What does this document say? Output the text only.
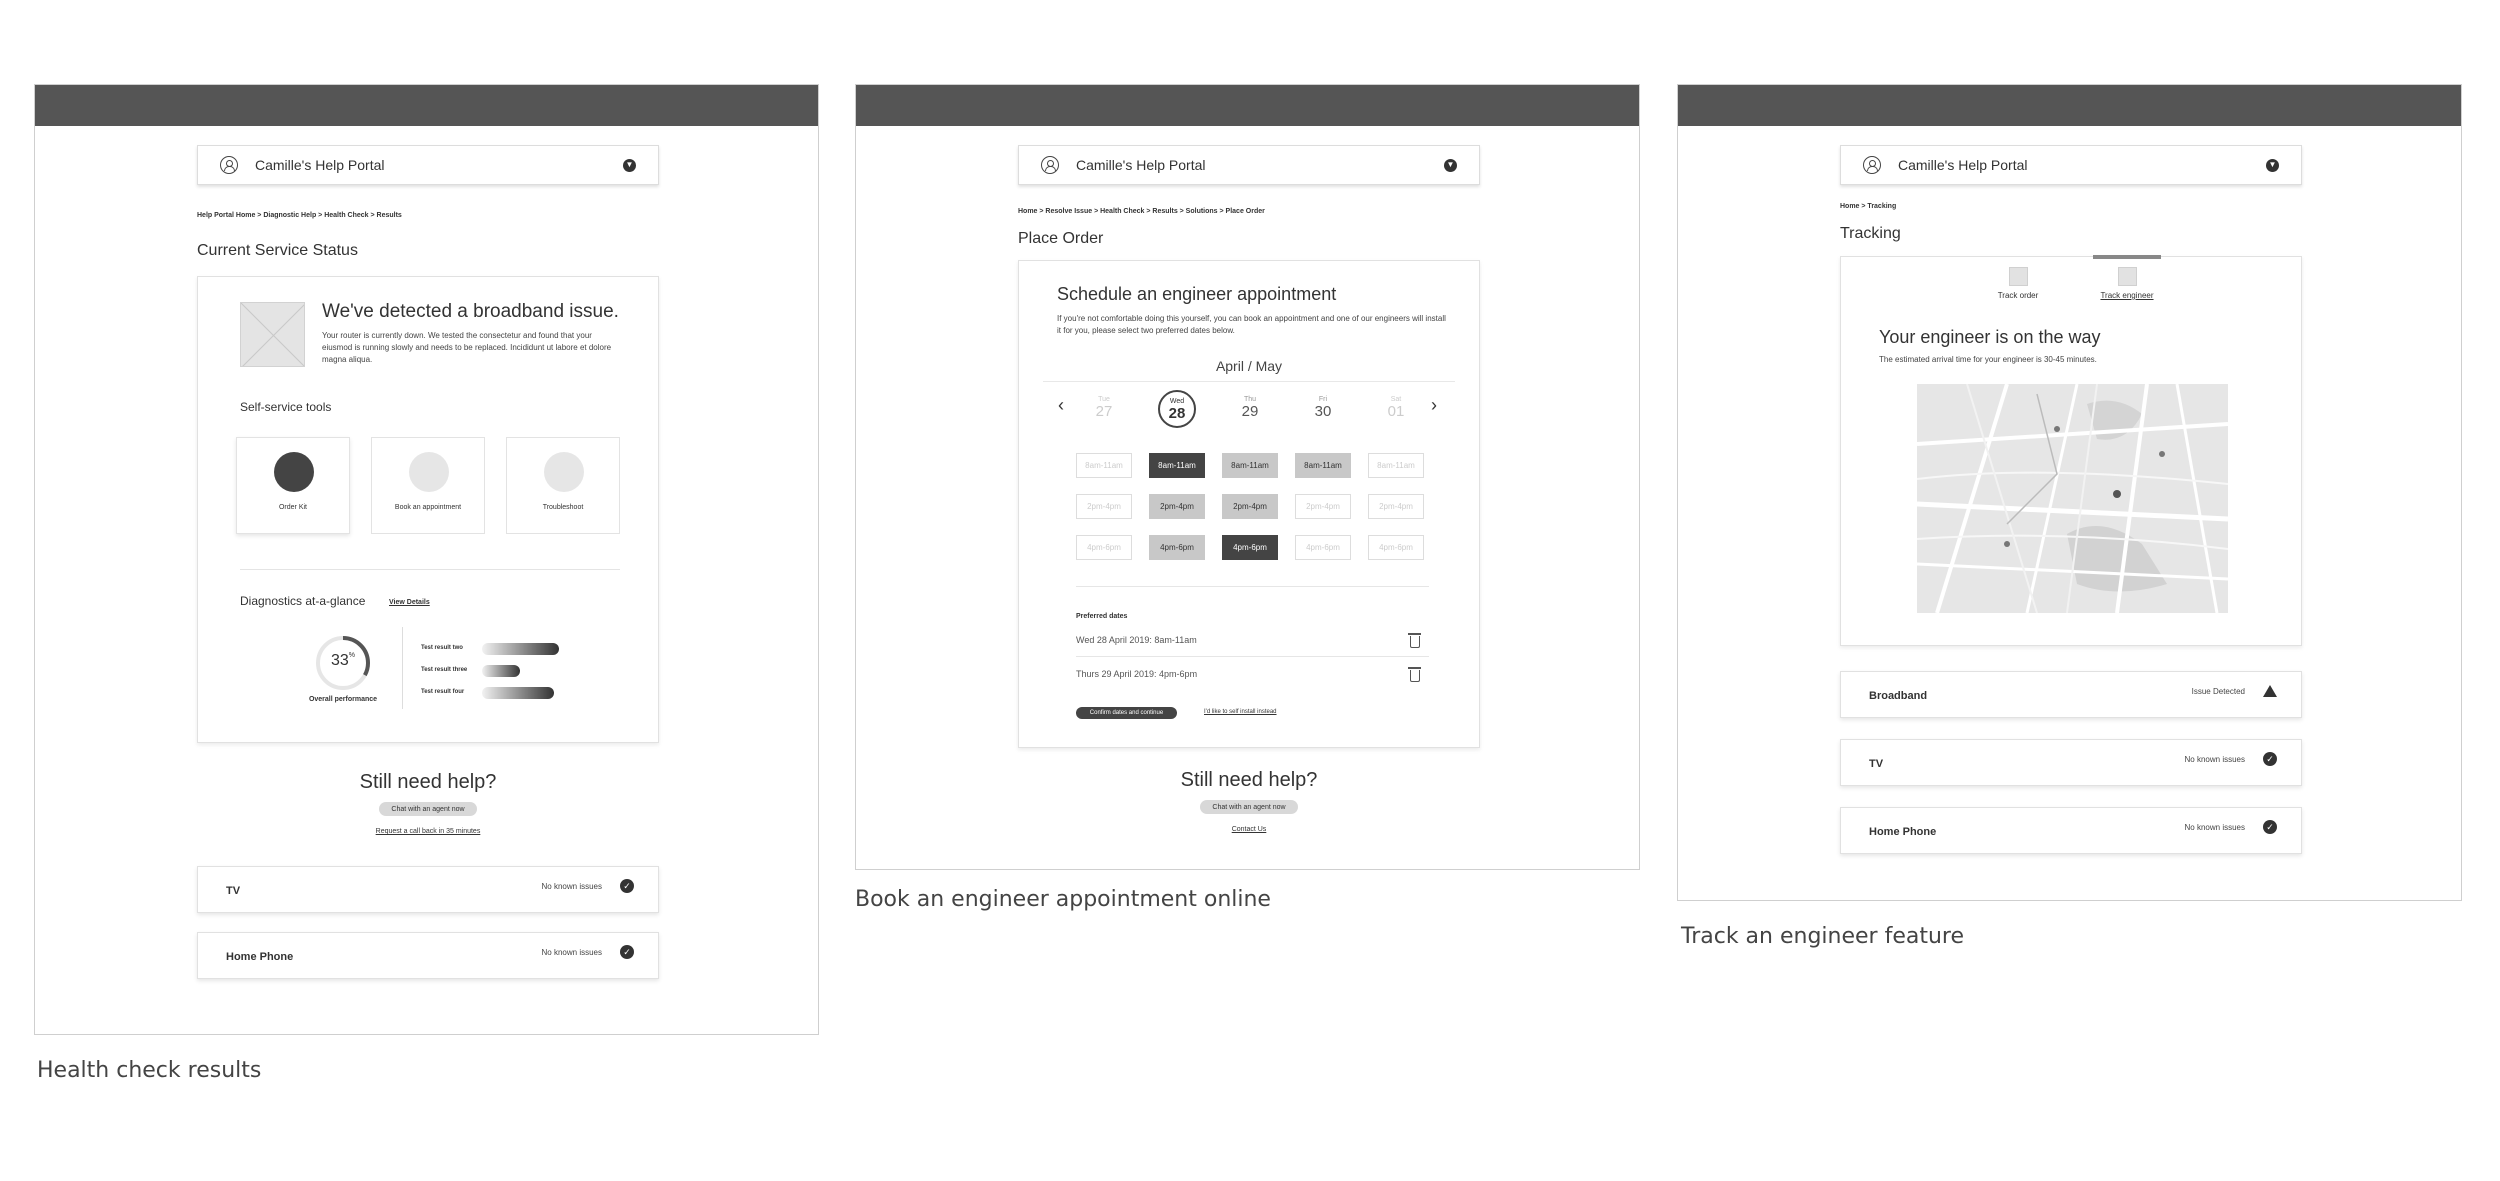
Camille's Help Portal	▼
Help Portal Home > Diagnostic Help > Health Check > Results
Current Service Status
We've detected a broadband issue.
Your router is currently down. We tested the consectetur and found that your eiusmod is running slowly and needs to be replaced. Incididunt ut labore et dolore magna aliqua.
Self-service tools
Order Kit	Book an appointment	Troubleshoot
Diagnostics at-a-glance	View Details
33%
Overall performance
Test result two
Test result three
Test result four
Still need help?
Chat with an agent now
Request a call back in 35 minutes
TV	No known issues	✓
Home Phone	No known issues	✓
Health check results
Camille's Help Portal	▼
Home > Resolve Issue > Health Check > Results > Solutions > Place Order
Place Order
Schedule an engineer appointment
If you're not comfortable doing this yourself, you can book an appointment and one of our engineers will install it for you, please select two preferred dates below.
April / May
‹	›
Tue
27
Wed
28
Thu
29
Fri
30
Sat
01
8am-11am	8am-11am	8am-11am	8am-11am	8am-11am
2pm-4pm	2pm-4pm	2pm-4pm	2pm-4pm	2pm-4pm
4pm-6pm	4pm-6pm	4pm-6pm	4pm-6pm	4pm-6pm
Preferred dates
Wed 28 April 2019: 8am-11am
Thurs 29 April 2019: 4pm-6pm
Confirm dates and continue	I'd like to self install instead
Still need help?
Chat with an agent now
Contact Us
Book an engineer appointment online
Camille's Help Portal	▼
Home > Tracking
Tracking
Track order	Track engineer
Your engineer is on the way
The estimated arrival time for your engineer is 30-45 minutes.
Broadband	Issue Detected
TV	No known issues	✓
Home Phone	No known issues	✓
Track an engineer feature
